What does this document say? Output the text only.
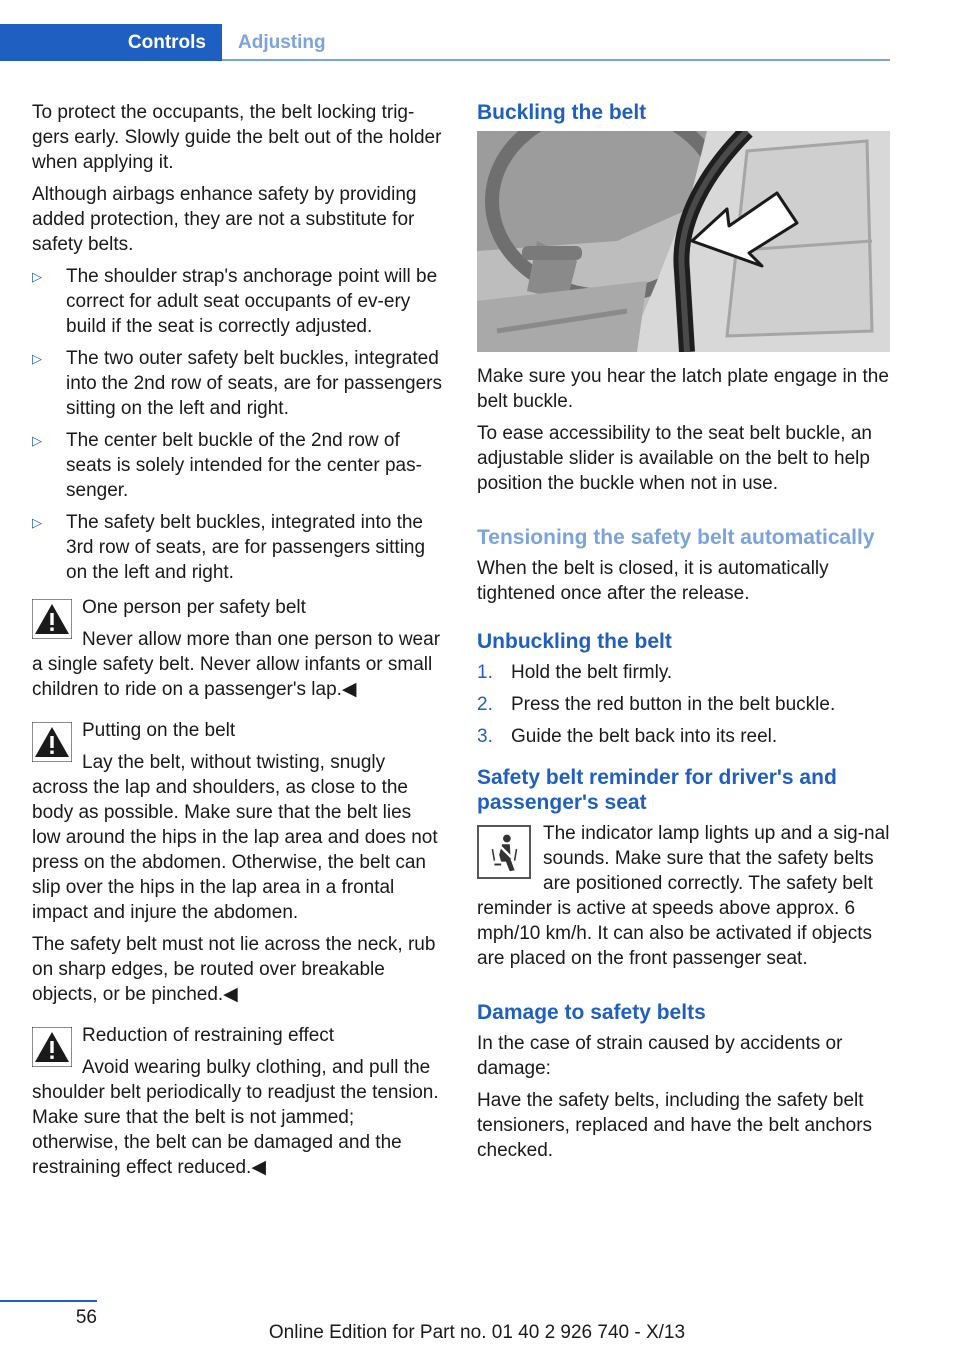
Controls Adjusting

To protect the occupants, the belt locking trig‐gers early. Slowly guide the belt out of the holder when applying it.

Although airbags enhance safety by providing added protection, they are not a substitute for safety belts.

▷ The shoulder strap's anchorage point will be correct for adult seat occupants of ev‐ery build if the seat is correctly adjusted.
▷ The two outer safety belt buckles, integrated into the 2nd row of seats, are for passengers sitting on the left and right.
▷ The center belt buckle of the 2nd row of seats is solely intended for the center pas‐senger.
▷ The safety belt buckles, integrated into the 3rd row of seats, are for passengers sitting on the left and right.
One person per safety belt

Never allow more than one person to wear a single safety belt. Never allow infants or small children to ride on a passenger's lap.◀

Putting on the belt

Lay the belt, without twisting, snugly across the lap and shoulders, as close to the body as possible. Make sure that the belt lies low around the hips in the lap area and does not press on the abdomen. Otherwise, the belt can slip over the hips in the lap area in a frontal impact and injure the abdomen.

The safety belt must not lie across the neck, rub on sharp edges, be routed over breakable objects, or be pinched.◀

Reduction of restraining effect

Avoid wearing bulky clothing, and pull the shoulder belt periodically to readjust the tension. Make sure that the belt is not jammed; otherwise, the belt can be damaged and the restraining effect reduced.◀

Buckling the belt

Make sure you hear the latch plate engage in the belt buckle.

To ease accessibility to the seat belt buckle, an adjustable slider is available on the belt to help position the buckle when not in use.

Tensioning the safety belt automatically

When the belt is closed, it is automatically tightened once after the release.

Unbuckling the belt
1. Hold the belt firmly.
2. Press the red button in the belt buckle.
3. Guide the belt back into its reel.
Safety belt reminder for driver's and passenger's seat

The indicator lamp lights up and a sig‐nal sounds. Make sure that the safety belts are positioned correctly. The safety belt reminder is active at speeds above approx. 6 mph/10 km/h. It can also be activated if objects are placed on the front passenger seat.

Damage to safety belts

In the case of strain caused by accidents or damage:

Have the safety belts, including the safety belt tensioners, replaced and have the belt anchors checked.

56
Online Edition for Part no. 01 40 2 926 740 - X/13
